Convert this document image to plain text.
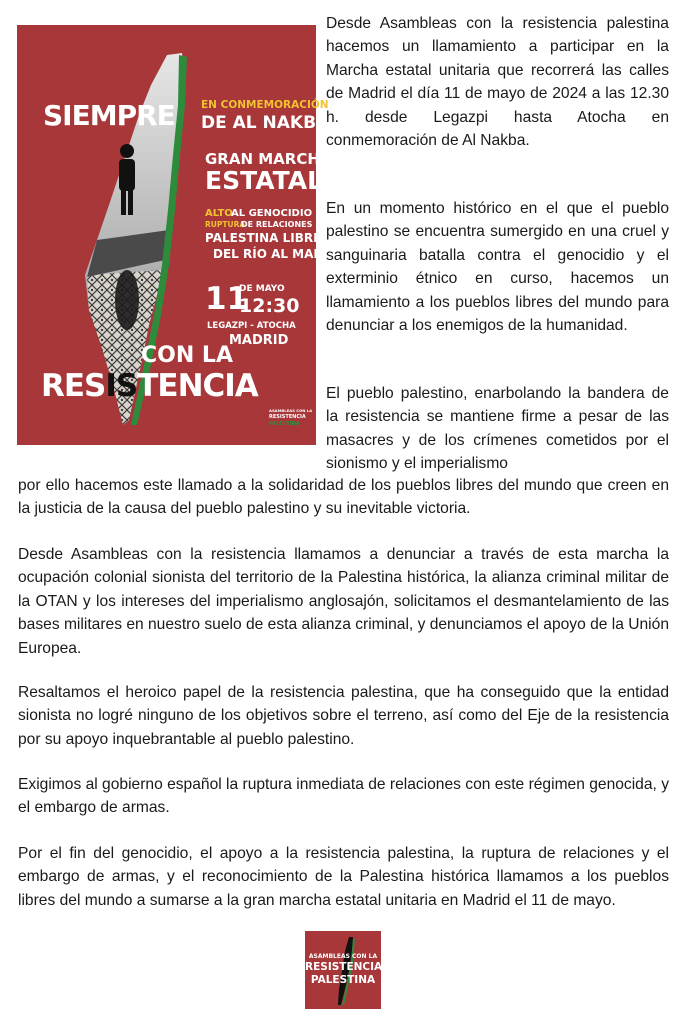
SIEMPRE EN CONMEMORACIÓN
DE AL NAKBA
GRAN MARCHA
ESTATAL
ALTO
AL GENOCIDIO
RUPTURA
DE RELACIONES
PALESTINA LIBRE
DEL RÍO AL MAR
11
DE MAYO
12:30
LEGAZPI - ATOCHA
MADRID
CON LA
RESISTENCIA
ASAMBLEAS CON LA
RESISTENCIA
PALESTINA

Desde Asambleas con la resistencia palestina hacemos un llamamiento a participar en la Marcha estatal unitaria que recorrerá las calles de Madrid el día 11 de mayo de 2024 a las 12.30 h. desde Legazpi hasta Atocha en conmemoración de Al Nakba.

En un momento histórico en el que el pueblo palestino se encuentra sumergido en una cruel y sanguinaria batalla contra el genocidio y el exterminio étnico en curso, hacemos un llamamiento a los pueblos libres del mundo para denunciar a los enemigos de la humanidad.

El pueblo palestino, enarbolando la bandera de la resistencia se mantiene firme a pesar de las masacres y de los crímenes cometidos por el sionismo y el imperialismo

por ello hacemos este llamado a la solidaridad de los pueblos libres del mundo que creen en la justicia de la causa del pueblo palestino y su inevitable victoria.

Desde Asambleas con la resistencia llamamos a denunciar a través de esta marcha la ocupación colonial sionista del territorio de la Palestina histórica, la alianza criminal militar de la OTAN y los intereses del imperialismo anglosajón, solicitamos el desmantelamiento de las bases militares en nuestro suelo de esta alianza criminal, y denunciamos el apoyo de la Unión Europea.

Resaltamos el heroico papel de la resistencia palestina, que ha conseguido que la entidad sionista no logré ninguno de los objetivos sobre el terreno, así como del Eje de la resistencia por su apoyo inquebrantable al pueblo palestino.

Exigimos al gobierno español la ruptura inmediata de relaciones con este régimen genocida, y el embargo de armas.

Por el fin del genocidio, el apoyo a la resistencia palestina, la ruptura de relaciones y el embargo de armas, y el reconocimiento de la Palestina histórica llamamos a los pueblos libres del mundo a sumarse a la gran marcha estatal unitaria en Madrid el 11 de mayo.

ASAMBLEAS CON LA
RESISTENCIA
PALESTINA
